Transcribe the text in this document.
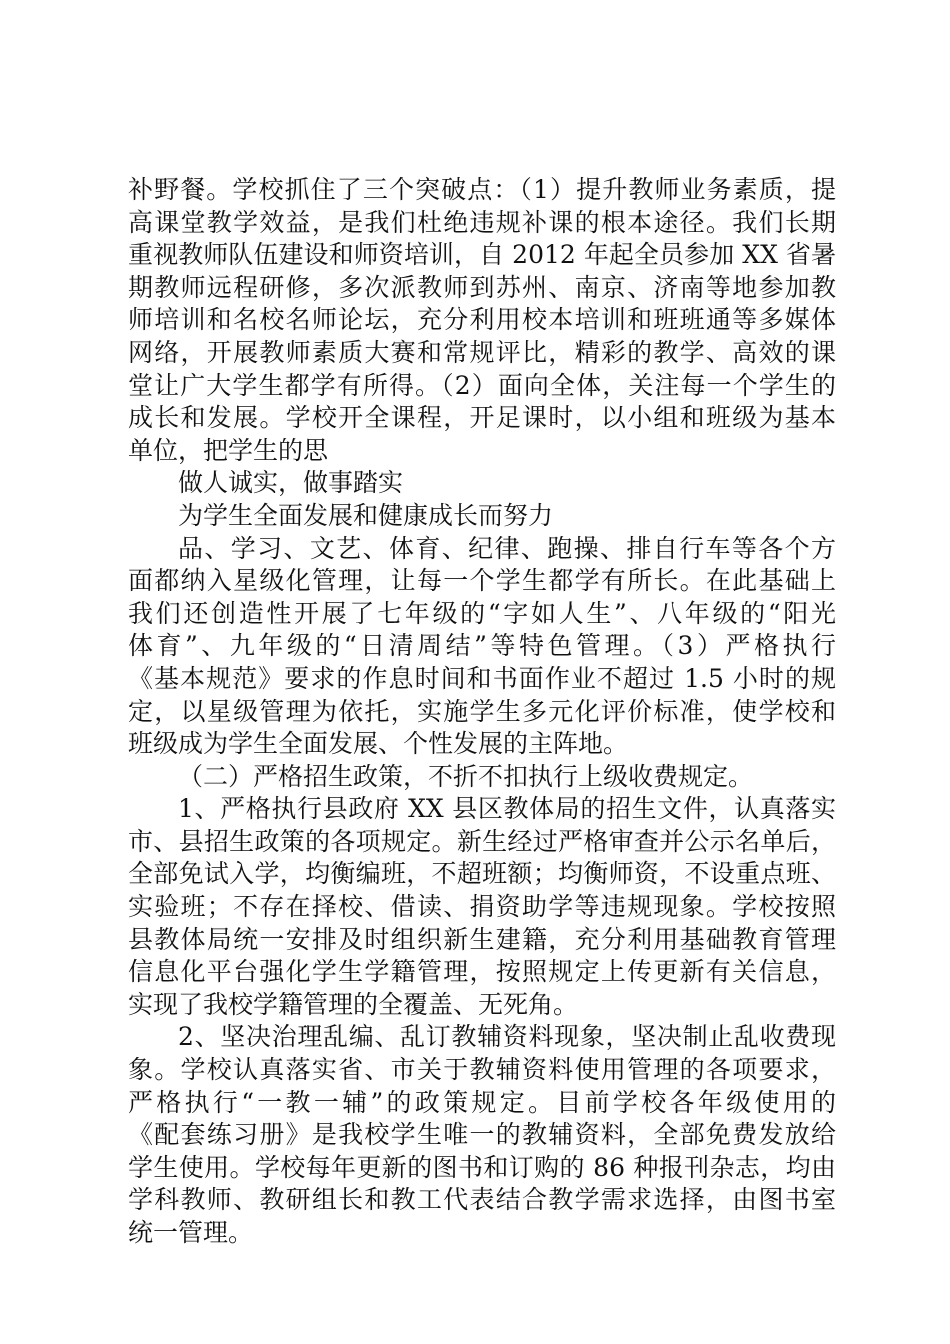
补野餐。学校抓住了三个突破点：（1）提升教师业务素质，提
高课堂教学效益，是我们杜绝违规补课的根本途径。我们长期
重视教师队伍建设和师资培训，自 2012 年起全员参加 XX 省暑
期教师远程研修，多次派教师到苏州、南京、济南等地参加教
师培训和名校名师论坛，充分利用校本培训和班班通等多媒体
网络，开展教师素质大赛和常规评比，精彩的教学、高效的课
堂让广大学生都学有所得。（2）面向全体，关注每一个学生的
成长和发展。学校开全课程，开足课时，以小组和班级为基本
单位，把学生的思
做人诚实，做事踏实
为学生全面发展和健康成长而努力
品、学习、文艺、体育、纪律、跑操、排自行车等各个方
面都纳入星级化管理，让每一个学生都学有所长。在此基础上
我们还创造性开展了七年级的“字如人生”、八年级的“阳光
体育”、九年级的“日清周结”等特色管理。（3）严格执行
《基本规范》要求的作息时间和书面作业不超过 1.5 小时的规
定，以星级管理为依托，实施学生多元化评价标准，使学校和
班级成为学生全面发展、个性发展的主阵地。
（二）严格招生政策，不折不扣执行上级收费规定。
1、严格执行县政府 XX 县区教体局的招生文件，认真落实
市、县招生政策的各项规定。新生经过严格审查并公示名单后，
全部免试入学，均衡编班，不超班额；均衡师资，不设重点班、
实验班；不存在择校、借读、捐资助学等违规现象。学校按照
县教体局统一安排及时组织新生建籍，充分利用基础教育管理
信息化平台强化学生学籍管理，按照规定上传更新有关信息，
实现了我校学籍管理的全覆盖、无死角。
2、坚决治理乱编、乱订教辅资料现象，坚决制止乱收费现
象。学校认真落实省、市关于教辅资料使用管理的各项要求，
严格执行“一教一辅”的政策规定。目前学校各年级使用的
《配套练习册》是我校学生唯一的教辅资料，全部免费发放给
学生使用。学校每年更新的图书和订购的 86 种报刊杂志，均由
学科教师、教研组长和教工代表结合教学需求选择，由图书室
统一管理。
